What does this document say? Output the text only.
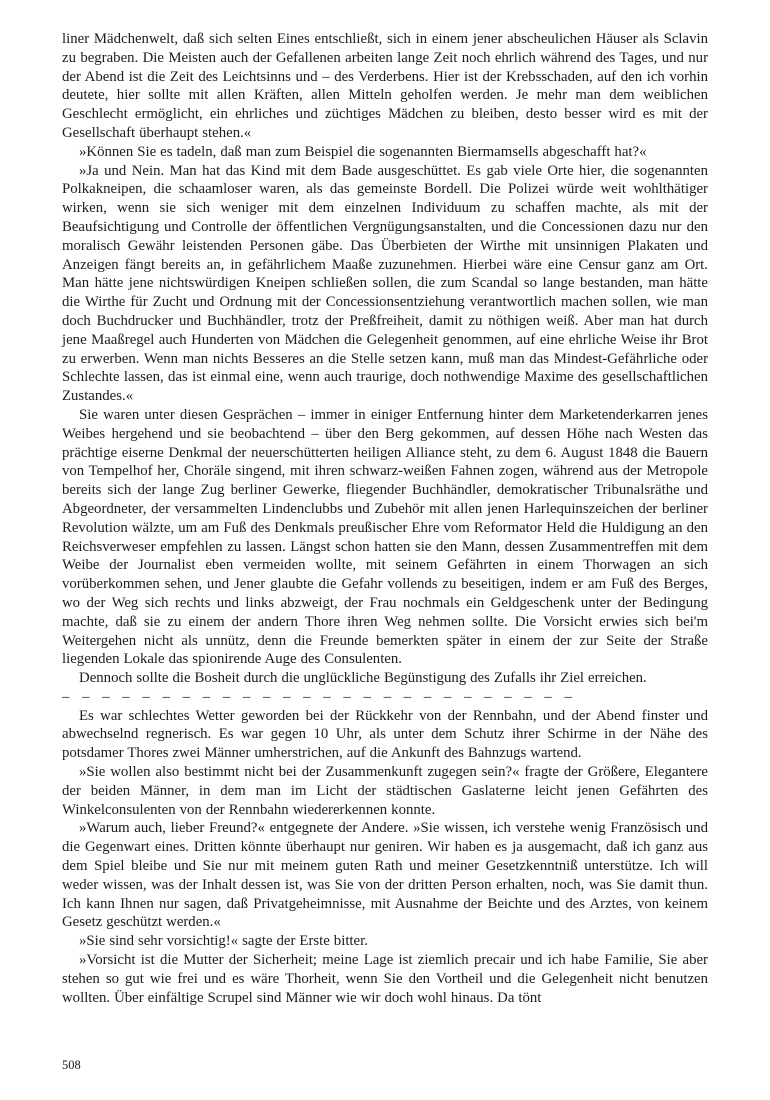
liner Mädchenwelt, daß sich selten Eines entschließt, sich in einem jener abscheulichen Häuser als Sclavin zu begraben. Die Meisten auch der Gefallenen arbeiten lange Zeit noch ehrlich während des Tages, und nur der Abend ist die Zeit des Leichtsinns und – des Verderbens. Hier ist der Krebsschaden, auf den ich vorhin deutete, hier sollte mit allen Kräften, allen Mitteln geholfen werden. Je mehr man dem weiblichen Geschlecht ermöglicht, ein ehrliches und züchtiges Mädchen zu bleiben, desto besser wird es mit der Gesellschaft überhaupt stehen.«

»Können Sie es tadeln, daß man zum Beispiel die sogenannten Biermamsells abgeschafft hat?«

»Ja und Nein. Man hat das Kind mit dem Bade ausgeschüttet. Es gab viele Orte hier, die sogenannten Polkakneipen, die schaamloser waren, als das gemeinste Bordell. Die Polizei würde weit wohlthätiger wirken, wenn sie sich weniger mit dem einzelnen Individuum zu schaffen machte, als mit der Beaufsichtigung und Controlle der öffentlichen Vergnügungsanstalten, und die Concessionen dazu nur den moralisch Gewähr leistenden Personen gäbe. Das Überbieten der Wirthe mit unsinnigen Plakaten und Anzeigen fängt bereits an, in gefährlichem Maaße zuzunehmen. Hierbei wäre eine Censur ganz am Ort. Man hätte jene nichtswürdigen Kneipen schließen sollen, die zum Scandal so lange bestanden, man hätte die Wirthe für Zucht und Ordnung mit der Concessionsentziehung verantwortlich machen sollen, wie man doch Buchdrucker und Buchhändler, trotz der Preßfreiheit, damit zu nöthigen weiß. Aber man hat durch jene Maaßregel auch Hunderten von Mädchen die Gelegenheit genommen, auf eine ehrliche Weise ihr Brot zu erwerben. Wenn man nichts Besseres an die Stelle setzen kann, muß man das Mindest-Gefährliche oder Schlechte lassen, das ist einmal eine, wenn auch traurige, doch nothwendige Maxime des gesellschaftlichen Zustandes.«

Sie waren unter diesen Gesprächen – immer in einiger Entfernung hinter dem Marketenderkarren jenes Weibes hergehend und sie beobachtend – über den Berg gekommen, auf dessen Höhe nach Westen das prächtige eiserne Denkmal der neuerschütterten heiligen Alliance steht, zu dem 6. August 1848 die Bauern von Tempelhof her, Choräle singend, mit ihren schwarz-weißen Fahnen zogen, während aus der Metropole bereits sich der lange Zug berliner Gewerke, fliegender Buchhändler, demokratischer Tribunalsräthe und Abgeordneter, der versammelten Lindenclubbs und Zubehör mit allen jenen Harlequinszeichen der berliner Revolution wälzte, um am Fuß des Denkmals preußischer Ehre vom Reformator Held die Huldigung an den Reichsverweser empfehlen zu lassen. Längst schon hatten sie den Mann, dessen Zusammentreffen mit dem Weibe der Journalist eben vermeiden wollte, mit seinem Gefährten in einem Thorwagen an sich vorüberkommen sehen, und Jener glaubte die Gefahr vollends zu beseitigen, indem er am Fuß des Berges, wo der Weg sich rechts und links abzweigt, der Frau nochmals ein Geldgeschenk unter der Bedingung machte, daß sie zu einem der andern Thore ihren Weg nehmen sollte. Die Vorsicht erwies sich bei'm Weitergehen nicht als unnütz, denn die Freunde bemerkten später in einem der zur Seite der Straße liegenden Lokale das spionirende Auge des Consulenten.

Dennoch sollte die Bosheit durch die unglückliche Begünstigung des Zufalls ihr Ziel erreichen.

– – – – – – – – – – – – – – – – – – – – – – – – – –

Es war schlechtes Wetter geworden bei der Rückkehr von der Rennbahn, und der Abend finster und abwechselnd regnerisch. Es war gegen 10 Uhr, als unter dem Schutz ihrer Schirme in der Nähe des potsdamer Thores zwei Männer umherstrichen, auf die Ankunft des Bahnzugs wartend.

»Sie wollen also bestimmt nicht bei der Zusammenkunft zugegen sein?« fragte der Größere, Elegantere der beiden Männer, in dem man im Licht der städtischen Gaslaterne leicht jenen Gefährten des Winkelconsulenten von der Rennbahn wiedererkennen konnte.

»Warum auch, lieber Freund?« entgegnete der Andere. »Sie wissen, ich verstehe wenig Französisch und die Gegenwart eines. Dritten könnte überhaupt nur geniren. Wir haben es ja ausgemacht, daß ich ganz aus dem Spiel bleibe und Sie nur mit meinem guten Rath und meiner Gesetzkenntniß unterstütze. Ich will weder wissen, was der Inhalt dessen ist, was Sie von der dritten Person erhalten, noch, was Sie damit thun. Ich kann Ihnen nur sagen, daß Privatgeheimnisse, mit Ausnahme der Beichte und des Arztes, von keinem Gesetz geschützt werden.«

»Sie sind sehr vorsichtig!« sagte der Erste bitter.

»Vorsicht ist die Mutter der Sicherheit; meine Lage ist ziemlich precair und ich habe Familie, Sie aber stehen so gut wie frei und es wäre Thorheit, wenn Sie den Vortheil und die Gelegenheit nicht benutzen wollten. Über einfältige Scrupel sind Männer wie wir doch wohl hinaus. Da tönt

508
